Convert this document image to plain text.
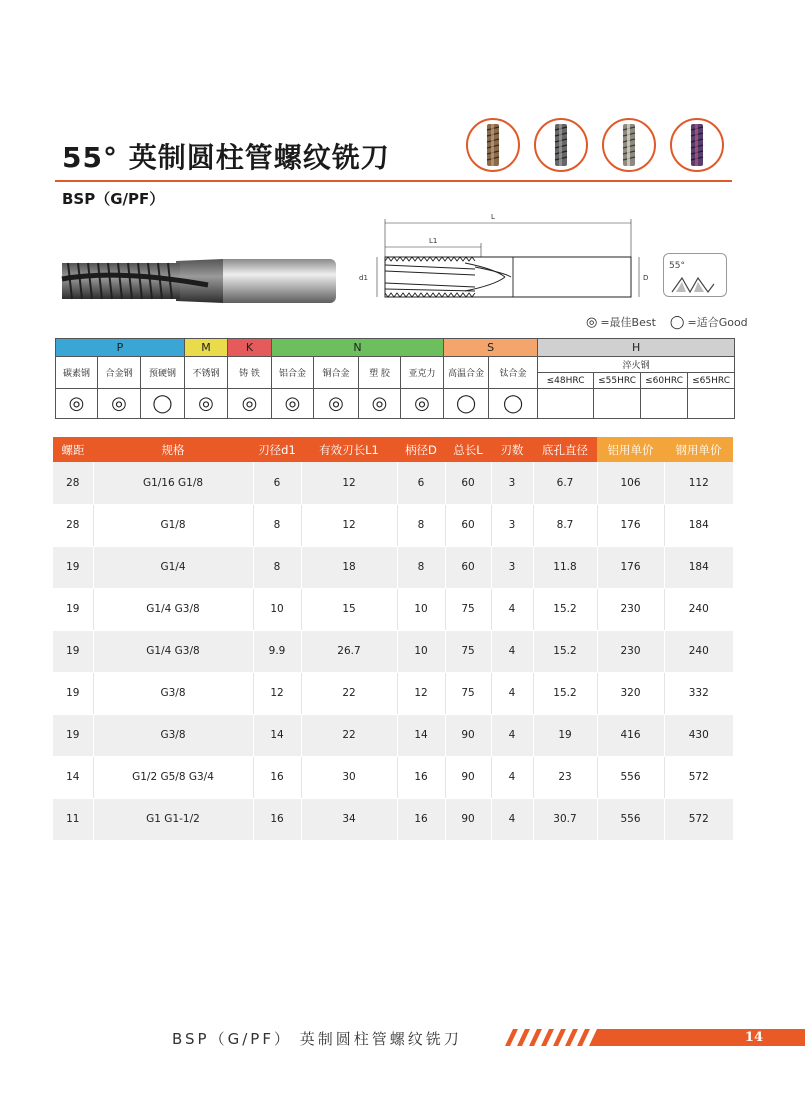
55° 英制圆柱管螺纹铣刀
BSP（G/PF）
L
L1
d1	D
55°
◎ =最佳Best ◯ =适合Good
P			M	K	N				S		H			
碳素钢	合金钢	预硬钢	不锈钢	铸 铁	铝合金	铜合金	塑 胶	亚克力	高温合金	钛合金	淬火钢			
											≤48HRC	≤55HRC	≤60HRC	≤65HRC
◎	◎	◯	◎	◎	◎	◎	◎	◎	◯	◯				
螺距	规格	刃径d1	有效刃长L1	柄径D	总长L	刃数	底孔直径	铝用单价	钢用单价
28	G1/16 G1/8	6	12	6	60	3	6.7	106	112
28	G1/8	8	12	8	60	3	8.7	176	184
19	G1/4	8	18	8	60	3	11.8	176	184
19	G1/4 G3/8	10	15	10	75	4	15.2	230	240
19	G1/4 G3/8	9.9	26.7	10	75	4	15.2	230	240
19	G3/8	12	22	12	75	4	15.2	320	332
19	G3/8	14	22	14	90	4	19	416	430
14	G1/2 G5/8 G3/4	16	30	16	90	4	23	556	572
11	G1 G1-1/2	16	34	16	90	4	30.7	556	572
BSP（G/PF） 英制圆柱管螺纹铣刀	14
